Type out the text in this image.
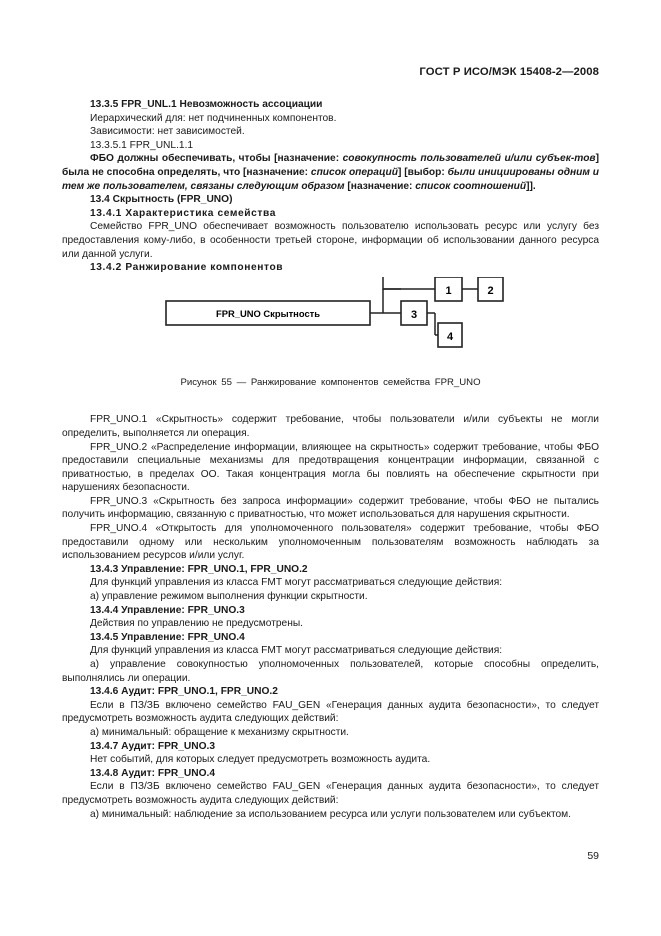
ГОСТ Р ИСО/МЭК 15408-2—2008

13.3.5 FPR_UNL.1 Невозможность ассоциации

Иерархический для: нет подчиненных компонентов.

Зависимости: нет зависимостей.

13.3.5.1 FPR_UNL.1.1

ФБО должны обеспечивать, чтобы [назначение: совокупность пользователей и/или субъек-тов] была не способна определять, что [назначение: список операций] [выбор: были инициированы одним и тем же пользователем, связаны следующим образом [назначение: список соотношений]].

13.4 Скрытность (FPR_UNO)

13.4.1 Характеристика семейства

Семейство FPR_UNO обеспечивает возможность пользователю использовать ресурс или услугу без предоставления кому-либо, в особенности третьей стороне, информации об использовании данного ресурса или данной услуги.

13.4.2 Ранжирование компонентов

FPR_UNO Скрытность
1	2
3
4

Рисунок 55 — Ранжирование компонентов семейства FPR_UNO

FPR_UNO.1 «Скрытность» содержит требование, чтобы пользователи и/или субъекты не могли определить, выполняется ли операция.

FPR_UNO.2 «Распределение информации, влияющее на скрытность» содержит требование, чтобы ФБО предоставили специальные механизмы для предотвращения концентрации информации, связанной с приватностью, в пределах ОО. Такая концентрация могла бы повлиять на обеспечение скрытности при нарушениях безопасности.

FPR_UNO.3 «Скрытность без запроса информации» содержит требование, чтобы ФБО не пытались получить информацию, связанную с приватностью, что может использоваться для нарушения скрытности.

FPR_UNO.4 «Открытость для уполномоченного пользователя» содержит требование, чтобы ФБО предоставили одному или нескольким уполномоченным пользователям возможность наблюдать за использованием ресурсов и/или услуг.

13.4.3 Управление: FPR_UNO.1, FPR_UNO.2

Для функций управления из класса FMT могут рассматриваться следующие действия:

а) управление режимом выполнения функции скрытности.

13.4.4 Управление: FPR_UNO.3

Действия по управлению не предусмотрены.

13.4.5 Управление: FPR_UNO.4

Для функций управления из класса FMT могут рассматриваться следующие действия:

а) управление совокупностью уполномоченных пользователей, которые способны определить, выполнялись ли операции.

13.4.6 Аудит: FPR_UNO.1, FPR_UNO.2

Если в ПЗ/ЗБ включено семейство FAU_GEN «Генерация данных аудита безопасности», то следует предусмотреть возможность аудита следующих действий:

а) минимальный: обращение к механизму скрытности.

13.4.7 Аудит: FPR_UNO.3

Нет событий, для которых следует предусмотреть возможность аудита.

13.4.8 Аудит: FPR_UNO.4

Если в ПЗ/ЗБ включено семейство FAU_GEN «Генерация данных аудита безопасности», то следует предусмотреть возможность аудита следующих действий:

а) минимальный: наблюдение за использованием ресурса или услуги пользователем или субъектом.

59
